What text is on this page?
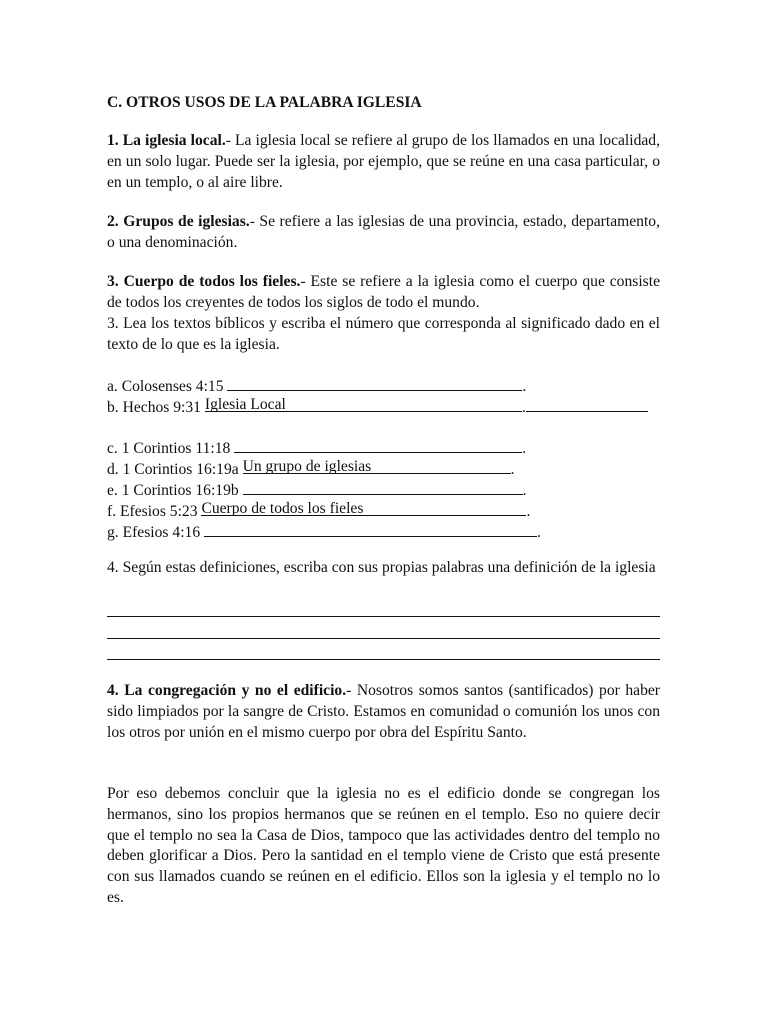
C. OTROS USOS DE LA PALABRA IGLESIA

1. La iglesia local.- La iglesia local se refiere al grupo de los llamados en una localidad, en un solo lugar. Puede ser la iglesia, por ejemplo, que se reúne en una casa particular, o en un templo, o al aire libre.

2. Grupos de iglesias.- Se refiere a las iglesias de una provincia, estado, departamento, o una denominación.

3. Cuerpo de todos los fieles.- Este se refiere a la iglesia como el cuerpo que consiste de todos los creyentes de todos los siglos de todo el mundo.

3. Lea los textos bíblicos y escriba el número que corresponda al significado dado en el texto de lo que es la iglesia.

a. Colosenses 4:15	.
b. Hechos 9:31 Iglesia Local	.
c. 1 Corintios 11:18	.
d. 1 Corintios 16:19a Un grupo de iglesias	.
e. 1 Corintios 16:19b	.
f. Efesios 5:23 Cuerpo de todos los fieles	.
g. Efesios 4:16	.

4. Según estas definiciones, escriba con sus propias palabras una definición de la iglesia

4. La congregación y no el edificio.- Nosotros somos santos (santificados) por haber sido limpiados por la sangre de Cristo. Estamos en comunidad o comunión los unos con los otros por unión en el mismo cuerpo por obra del Espíritu Santo.

Por eso debemos concluir que la iglesia no es el edificio donde se congregan los hermanos, sino los propios hermanos que se reúnen en el templo. Eso no quiere decir que el templo no sea la Casa de Dios, tampoco que las actividades dentro del templo no deben glorificar a Dios. Pero la santidad en el templo viene de Cristo que está presente con sus llamados cuando se reúnen en el edificio. Ellos son la iglesia y el templo no lo es.
